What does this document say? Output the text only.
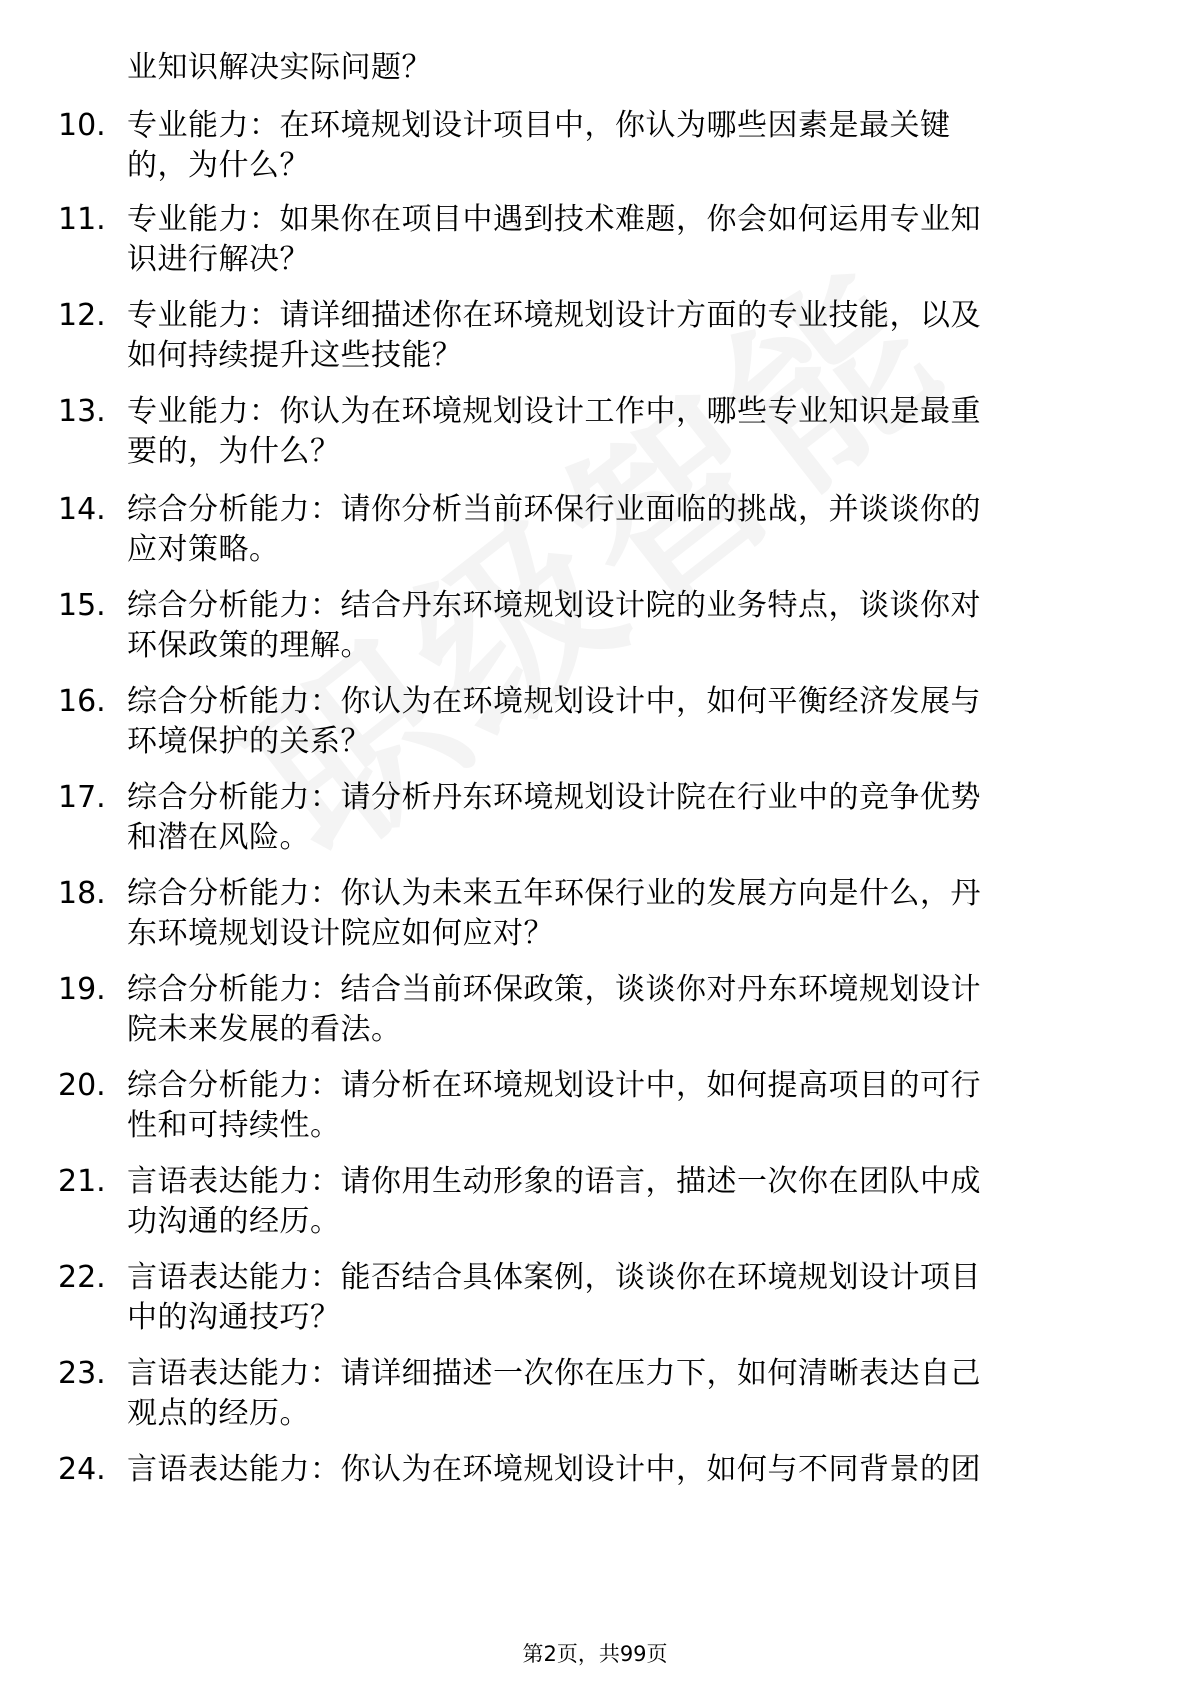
业知识解决实际问题？
10. 专业能力：在环境规划设计项目中，你认为哪些因素是最关键
的，为什么？
11. 专业能力：如果你在项目中遇到技术难题，你会如何运用专业知
识进行解决？
12. 专业能力：请详细描述你在环境规划设计方面的专业技能，以及
如何持续提升这些技能？
13. 专业能力：你认为在环境规划设计工作中，哪些专业知识是最重
要的，为什么？
14. 综合分析能力：请你分析当前环保行业面临的挑战，并谈谈你的
应对策略。
15. 综合分析能力：结合丹东环境规划设计院的业务特点，谈谈你对
环保政策的理解。
16. 综合分析能力：你认为在环境规划设计中，如何平衡经济发展与
环境保护的关系？
17. 综合分析能力：请分析丹东环境规划设计院在行业中的竞争优势
和潜在风险。
18. 综合分析能力：你认为未来五年环保行业的发展方向是什么，丹
东环境规划设计院应如何应对？
19. 综合分析能力：结合当前环保政策，谈谈你对丹东环境规划设计
院未来发展的看法。
20. 综合分析能力：请分析在环境规划设计中，如何提高项目的可行
性和可持续性。
21. 言语表达能力：请你用生动形象的语言，描述一次你在团队中成
功沟通的经历。
22. 言语表达能力：能否结合具体案例，谈谈你在环境规划设计项目
中的沟通技巧？
23. 言语表达能力：请详细描述一次你在压力下，如何清晰表达自己
观点的经历。
24. 言语表达能力：你认为在环境规划设计中，如何与不同背景的团
第2页，共99页
